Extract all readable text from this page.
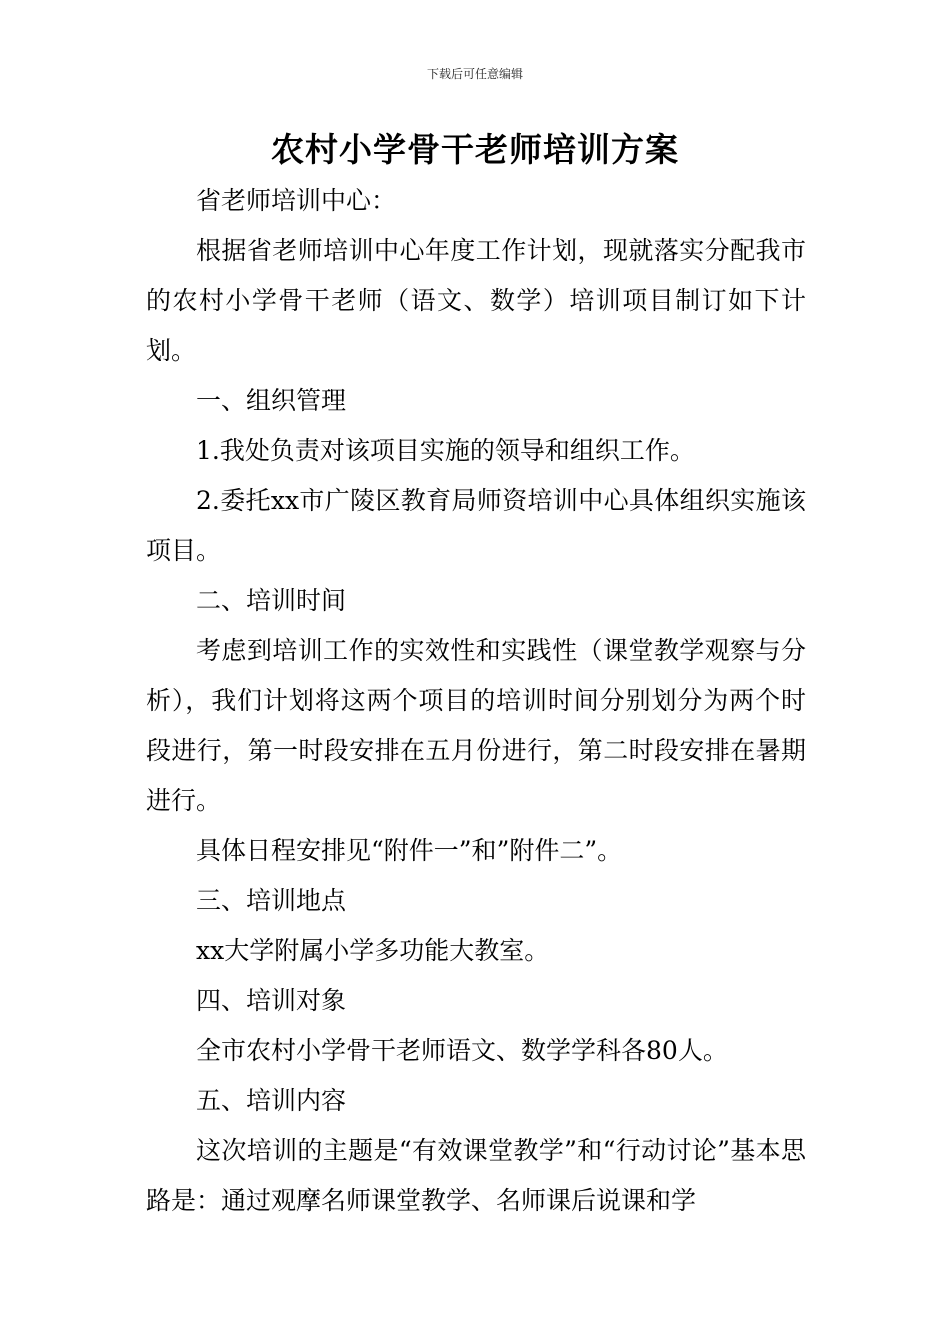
下载后可任意编辑
农村小学骨干老师培训方案

省老师培训中心：

根据省老师培训中心年度工作计划，现就落实分配我市的农村小学骨干老师（语文、数学）培训项目制订如下计划。

一、组织管理

1.我处负责对该项目实施的领导和组织工作。

2.委托xx市广陵区教育局师资培训中心具体组织实施该项目。

二、培训时间

考虑到培训工作的实效性和实践性（课堂教学观察与分析），我们计划将这两个项目的培训时间分别划分为两个时段进行，第一时段安排在五月份进行，第二时段安排在暑期进行。

具体日程安排见“附件一”和”附件二”。

三、培训地点

xx大学附属小学多功能大教室。

四、培训对象

全市农村小学骨干老师语文、数学学科各80人。

五、培训内容

这次培训的主题是“有效课堂教学”和“行动讨论”基本思路是：通过观摩名师课堂教学、名师课后说课和学
